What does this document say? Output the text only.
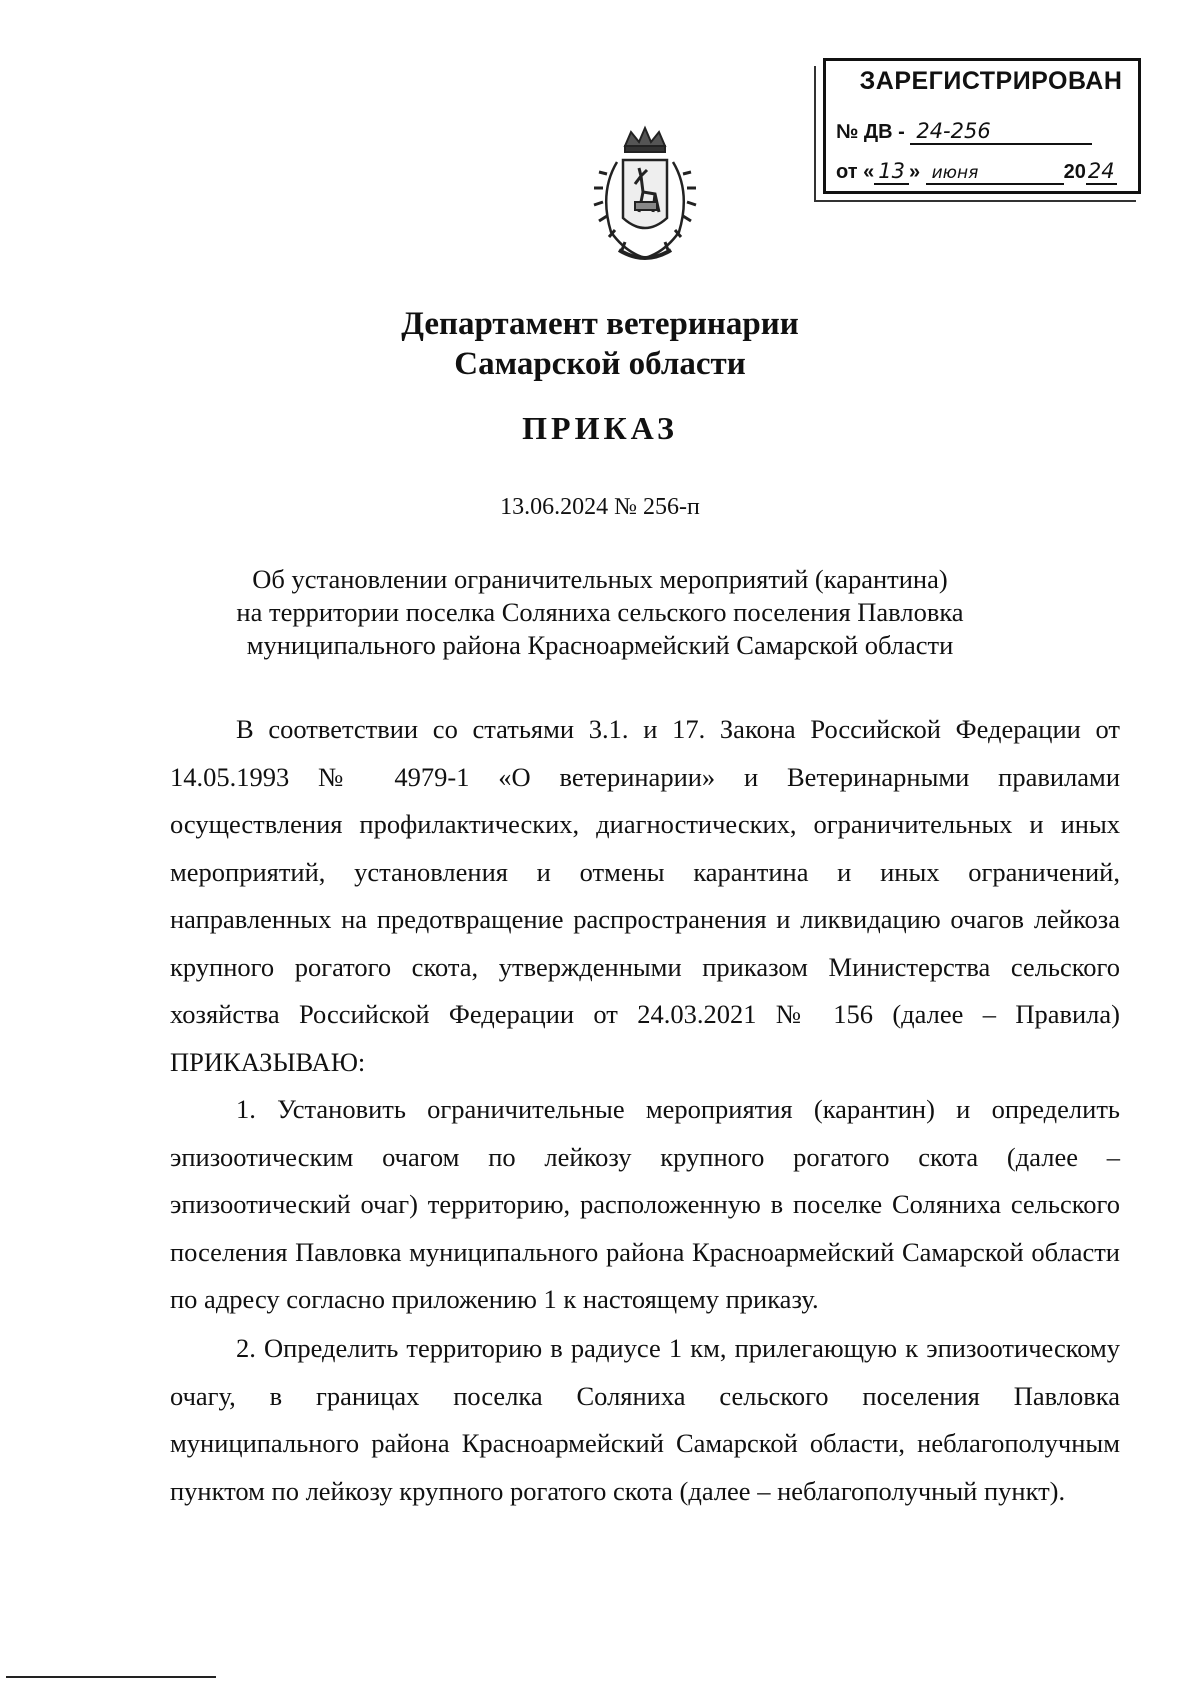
ЗАРЕГИСТРИРОВАН
№ ДВ - 24-256
от « 13 » июня	2024
Департамент ветеринарии
Самарской области
ПРИКАЗ
13.06.2024 № 256-п
Об установлении ограничительных мероприятий (карантина)
на территории поселка Соляниха сельского поселения Павловка
муниципального района Красноармейский Самарской области

В соответствии со статьями 3.1. и 17. Закона Российской Федерации от 14.05.1993 № 4979-1 «О ветеринарии» и Ветеринарными правилами осуществления профилактических, диагностических, ограничительных и иных мероприятий, установления и отмены карантина и иных ограничений, направленных на предотвращение распространения и ликвидацию очагов лейкоза крупного рогатого скота, утвержденными приказом Министерства сельского хозяйства Российской Федерации от 24.03.2021 № 156 (далее – Правила) ПРИКАЗЫВАЮ:

1. Установить ограничительные мероприятия (карантин) и определить эпизоотическим очагом по лейкозу крупного рогатого скота (далее – эпизоотический очаг) территорию, расположенную в поселке Соляниха сельского поселения Павловка муниципального района Красноармейский Самарской области по адресу согласно приложению 1 к настоящему приказу.

2. Определить территорию в радиусе 1 км, прилегающую к эпизоотическому очагу, в границах поселка Соляниха сельского поселения Павловка муниципального района Красноармейский Самарской области, неблагополучным пунктом по лейкозу крупного рогатого скота (далее – неблагополучный пункт).
